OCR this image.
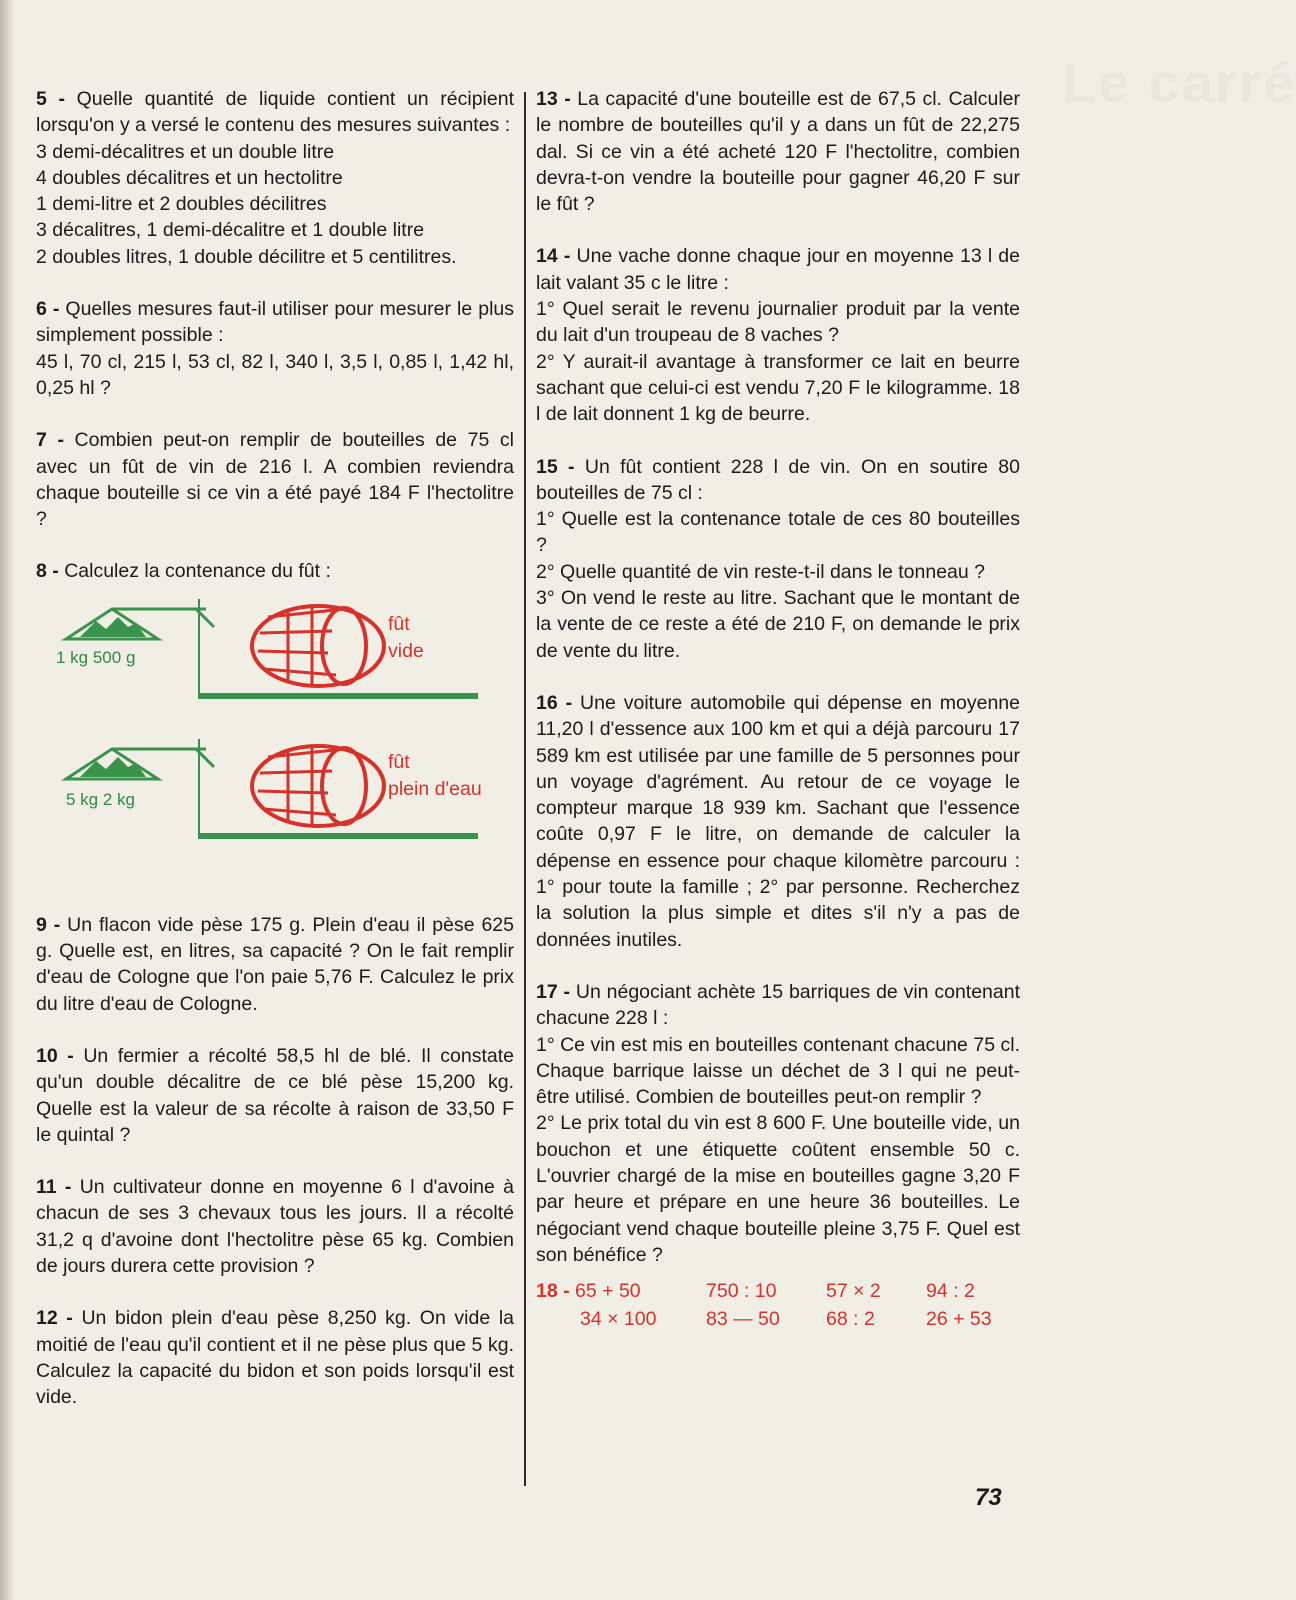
Le carré

5 - Quelle quantité de liquide contient un récipient lorsqu'on y a versé le contenu des mesures suivantes :

3 demi-décalitres et un double litre

4 doubles décalitres et un hectolitre

1 demi-litre et 2 doubles décilitres

3 décalitres, 1 demi-décalitre et 1 double litre

2 doubles litres, 1 double décilitre et 5 centilitres.

6 - Quelles mesures faut-il utiliser pour mesurer le plus simplement possible :

45 l, 70 cl, 215 l, 53 cl, 82 l, 340 l, 3,5 l, 0,85 l, 1,42 hl, 0,25 hl ?

7 - Combien peut-on remplir de bouteilles de 75 cl avec un fût de vin de 216 l. A combien reviendra chaque bouteille si ce vin a été payé 184 F l'hectolitre ?

8 - Calculez la contenance du fût :

1 kg 500 g
fût
vide
5 kg 2 kg
fût
plein d'eau

9 - Un flacon vide pèse 175 g. Plein d'eau il pèse 625 g. Quelle est, en litres, sa capacité ? On le fait remplir d'eau de Cologne que l'on paie 5,76 F. Calculez le prix du litre d'eau de Cologne.

10 - Un fermier a récolté 58,5 hl de blé. Il constate qu'un double décalitre de ce blé pèse 15,200 kg. Quelle est la valeur de sa récolte à raison de 33,50 F le quintal ?

11 - Un cultivateur donne en moyenne 6 l d'avoine à chacun de ses 3 chevaux tous les jours. Il a récolté 31,2 q d'avoine dont l'hectolitre pèse 65 kg. Combien de jours durera cette provision ?

12 - Un bidon plein d'eau pèse 8,250 kg. On vide la moitié de l'eau qu'il contient et il ne pèse plus que 5 kg. Calculez la capacité du bidon et son poids lorsqu'il est vide.

13 - La capacité d'une bouteille est de 67,5 cl. Calculer le nombre de bouteilles qu'il y a dans un fût de 22,275 dal. Si ce vin a été acheté 120 F l'hectolitre, combien devra-t-on vendre la bouteille pour gagner 46,20 F sur le fût ?

14 - Une vache donne chaque jour en moyenne 13 l de lait valant 35 c le litre :

1° Quel serait le revenu journalier produit par la vente du lait d'un troupeau de 8 vaches ?

2° Y aurait-il avantage à transformer ce lait en beurre sachant que celui-ci est vendu 7,20 F le kilogramme. 18 l de lait donnent 1 kg de beurre.

15 - Un fût contient 228 l de vin. On en soutire 80 bouteilles de 75 cl :

1° Quelle est la contenance totale de ces 80 bouteilles ?

2° Quelle quantité de vin reste-t-il dans le tonneau ?

3° On vend le reste au litre. Sachant que le montant de la vente de ce reste a été de 210 F, on demande le prix de vente du litre.

16 - Une voiture automobile qui dépense en moyenne 11,20 l d'essence aux 100 km et qui a déjà parcouru 17 589 km est utilisée par une famille de 5 personnes pour un voyage d'agrément. Au retour de ce voyage le compteur marque 18 939 km. Sachant que l'essence coûte 0,97 F le litre, on demande de calculer la dépense en essence pour chaque kilomètre parcouru : 1° pour toute la famille ; 2° par personne. Recherchez la solution la plus simple et dites s'il n'y a pas de données inutiles.

17 - Un négociant achète 15 barriques de vin contenant chacune 228 l :

1° Ce vin est mis en bouteilles contenant chacune 75 cl. Chaque barrique laisse un déchet de 3 l qui ne peut-être utilisé. Combien de bouteilles peut-on remplir ?

2° Le prix total du vin est 8 600 F. Une bouteille vide, un bouchon et une étiquette coûtent ensemble 50 c. L'ouvrier chargé de la mise en bouteilles gagne 3,20 F par heure et prépare en une heure 36 bouteilles. Le négociant vend chaque bouteille pleine 3,75 F. Quel est son bénéfice ?

18 - 65 + 50	750 : 10	57 × 2	94 : 2
34 × 100	83 — 50	68 : 2	26 + 53
73
